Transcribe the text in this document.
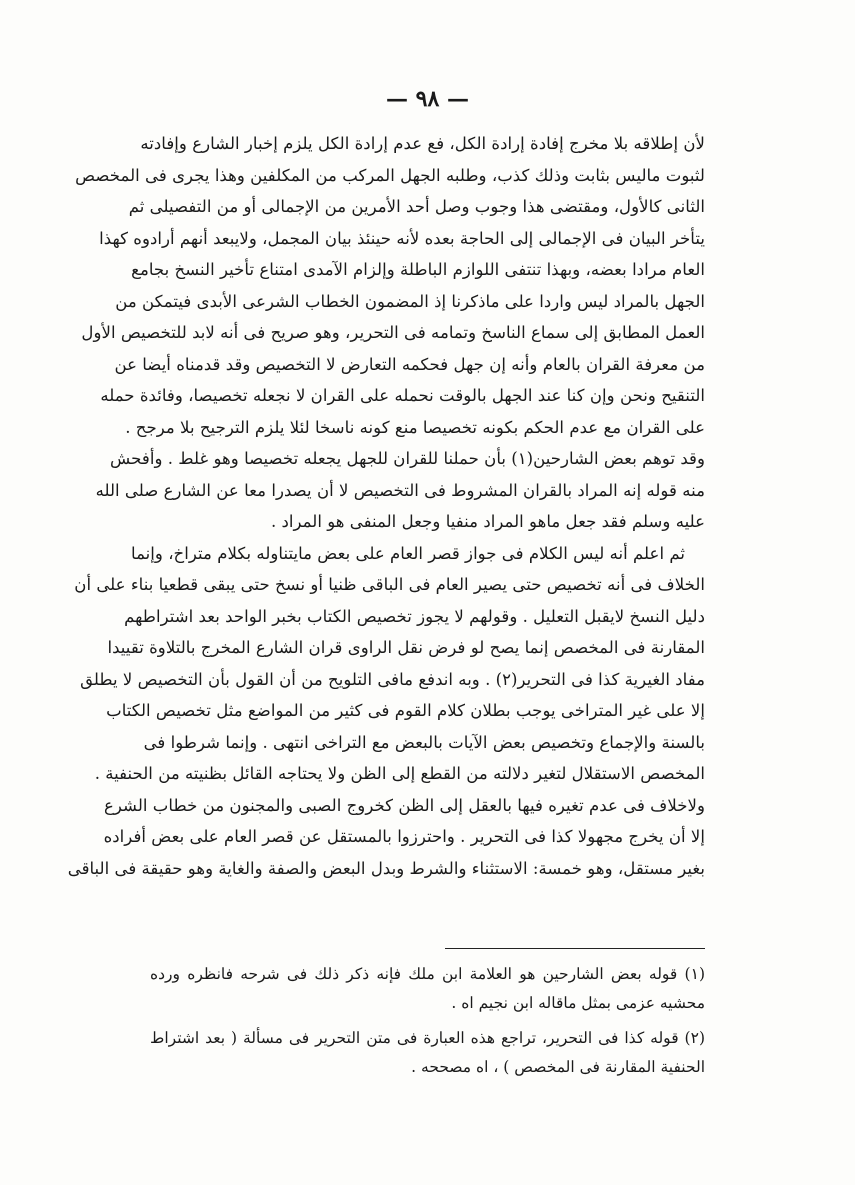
— ۹۸ —
لأن إطلاقه بلا مخرج إفادة إرادة الكل، فع عدم إرادة الكل يلزم إخبار الشارع وإفادته
لثبوت ماليس بثابت وذلك كذب، وطلبه الجهل المركب من المكلفين وهذا يجرى فى المخصص
الثانى كالأول، ومقتضى هذا وجوب وصل أحد الأمرين من الإجمالى أو من التفصيلى ثم
يتأخر البيان فى الإجمالى إلى الحاجة بعده لأنه حينئذ بيان المجمل، ولايبعد أنهم أرادوه كهذا
العام مرادا بعضه، وبهذا تنتفى اللوازم الباطلة وإلزام الآمدى امتناع تأخير النسخ بجامع
الجهل بالمراد ليس واردا على ماذكرنا إذ المضمون الخطاب الشرعى الأبدى فيتمكن من
العمل المطابق إلى سماع الناسخ وتمامه فى التحرير، وهو صريح فى أنه لابد للتخصيص الأول
من معرفة القران بالعام وأنه إن جهل فحكمه التعارض لا التخصيص وقد قدمناه أيضا عن
التنقيح ونحن وإن كنا عند الجهل بالوقت نحمله على القران لا نجعله تخصيصا، وفائدة حمله
على القران مع عدم الحكم بكونه تخصيصا منع كونه ناسخا لئلا يلزم الترجيح بلا مرجح .
وقد توهم بعض الشارحين(١) بأن حملنا للقران للجهل يجعله تخصيصا وهو غلط . وأفحش
منه قوله إنه المراد بالقران المشروط فى التخصيص لا أن يصدرا معا عن الشارع صلى الله
عليه وسلم فقد جعل ماهو المراد منفيا وجعل المنفى هو المراد .
ثم اعلم أنه ليس الكلام فى جواز قصر العام على بعض مايتناوله بكلام متراخ، وإنما
الخلاف فى أنه تخصيص حتى يصير العام فى الباقى ظنيا أو نسخ حتى يبقى قطعيا بناء على أن
دليل النسخ لايقبل التعليل . وقولهم لا يجوز تخصيص الكتاب بخبر الواحد بعد اشتراطهم
المقارنة فى المخصص إنما يصح لو فرض نقل الراوى قران الشارع المخرج بالتلاوة تقييدا
مفاد الغيرية كذا فى التحرير(٢) . وبه اندفع مافى التلويح من أن القول بأن التخصيص لا يطلق
إلا على غير المتراخى يوجب بطلان كلام القوم فى كثير من المواضع مثل تخصيص الكتاب
بالسنة والإجماع وتخصيص بعض الآيات بالبعض مع التراخى انتهى . وإنما شرطوا فى
المخصص الاستقلال لتغير دلالته من القطع إلى الظن ولا يحتاجه القائل بظنيته من الحنفية .
ولاخلاف فى عدم تغيره فيها بالعقل إلى الظن كخروج الصبى والمجنون من خطاب الشرع
إلا أن يخرج مجهولا كذا فى التحرير . واحترزوا بالمستقل عن قصر العام على بعض أفراده
بغير مستقل، وهو خمسة: الاستثناء والشرط وبدل البعض والصفة والغاية وهو حقيقة فى الباقى
(١) قوله بعض الشارحين هو العلامة ابن ملك فإنه ذكر ذلك فى شرحه فانظره ورده
محشيه عزمى بمثل ماقاله ابن نجيم اه .
(٢) قوله كذا فى التحرير، تراجع هذه العبارة فى متن التحرير فى مسألة ( بعد اشتراط
الحنفية المقارنة فى المخصص ) ، اه مصححه .
